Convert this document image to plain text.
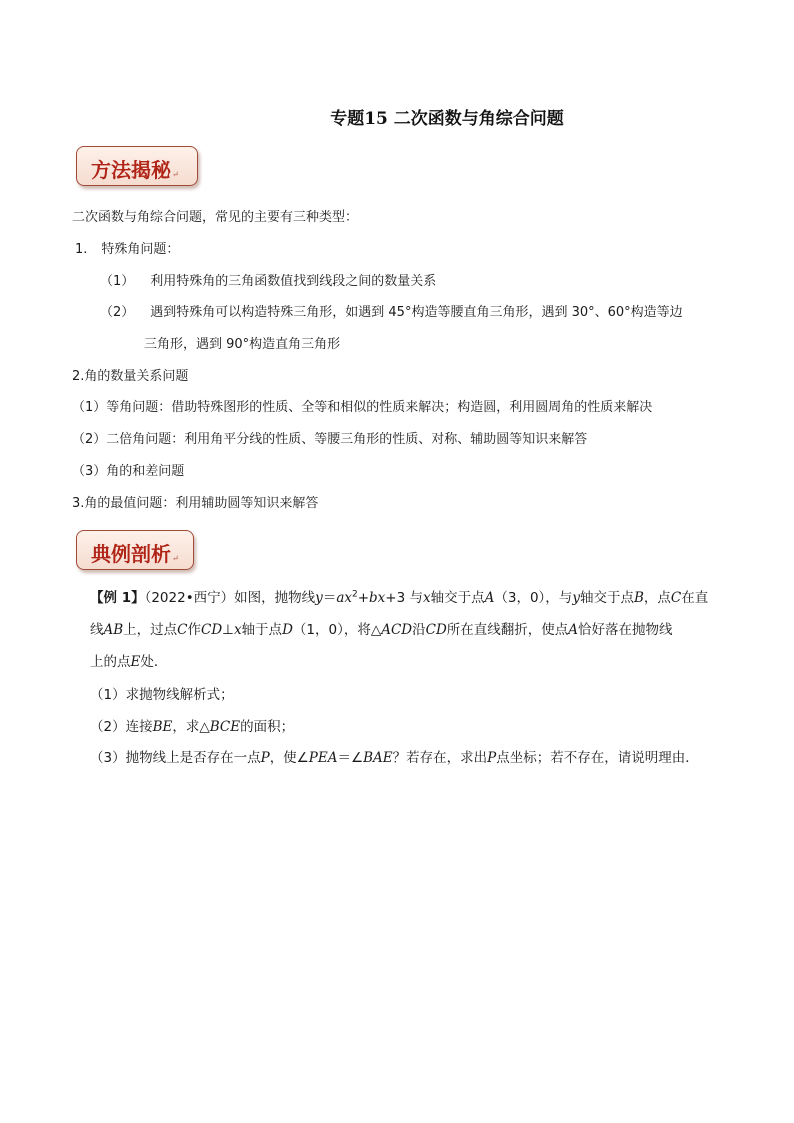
专题15 二次函数与角综合问题
方法揭秘↵
二次函数与角综合问题，常见的主要有三种类型：
1. 特殊角问题：
（1） 利用特殊角的三角函数值找到线段之间的数量关系
（2） 遇到特殊角可以构造特殊三角形，如遇到 45°构造等腰直角三角形，遇到 30°、60°构造等边
三角形，遇到 90°构造直角三角形
2.角的数量关系问题
（1）等角问题：借助特殊图形的性质、全等和相似的性质来解决；构造圆，利用圆周角的性质来解决
（2）二倍角问题：利用角平分线的性质、等腰三角形的性质、对称、辅助圆等知识来解答
（3）角的和差问题
3.角的最值问题：利用辅助圆等知识来解答
典例剖析↵
【例 1】（2022•西宁）如图，抛物线$y=ax^2+bx+3$ 与x轴交于点A（3，0），与y轴交于点B，点C在直
线AB上，过点C作CD⊥x轴于点D（1，0），将△ACD沿CD所在直线翻折，使点A恰好落在抛物线
上的点E处．
（1）求抛物线解析式；
（2）连接BE，求△BCE的面积；
（3）抛物线上是否存在一点P，使∠PEA＝∠BAE？若存在，求出P点坐标；若不存在，请说明理由．
